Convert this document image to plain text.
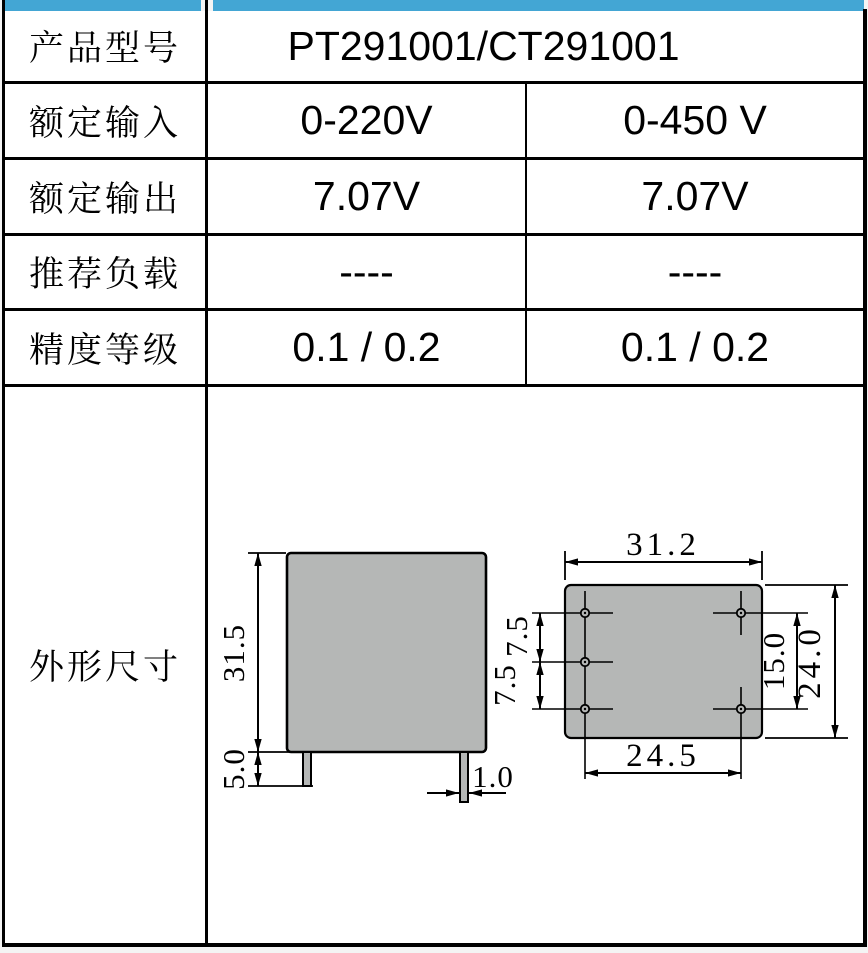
产品型号	PT291001/CT291001
额定输入	0-220V	0-450 V
额定输出	7.07V	7.07V
推荐负载	----	----
精度等级	0.1 / 0.2	0.1 / 0.2
外形尺寸 31.5
5.0	1.0
31.2
24.0
15.0
7.5
7.5
24.5
